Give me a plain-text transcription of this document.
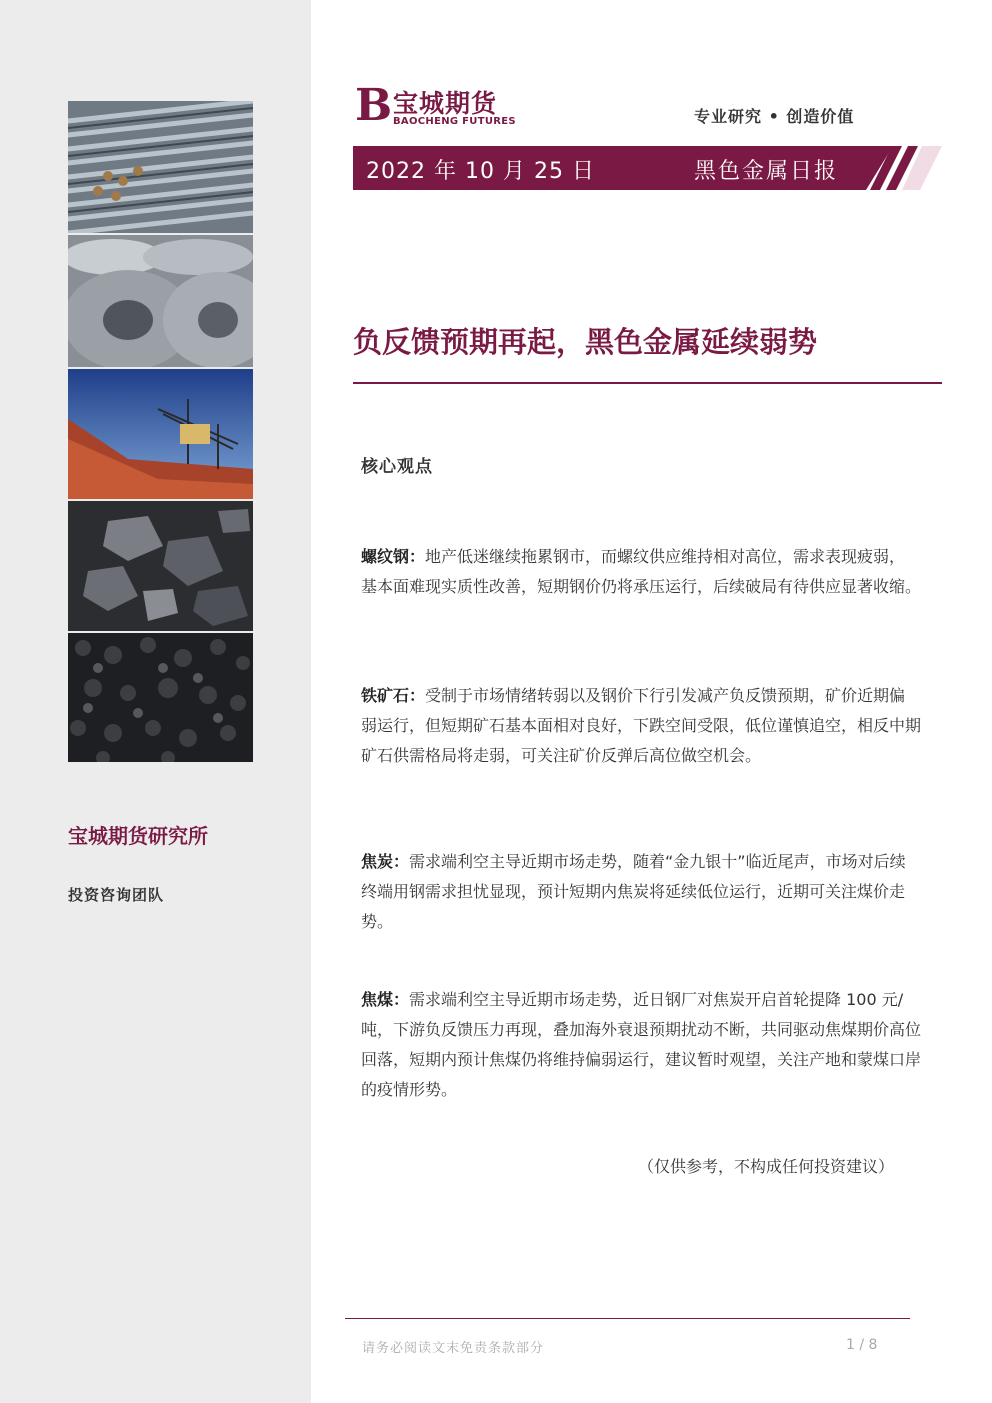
宝城期货研究所
投资咨询团队
B 宝城期货
BAOCHENG FUTURES	专业研究 • 创造价值
2022 年 10 月 25 日	黑色金属日报
负反馈预期再起，黑色金属延续弱势
核心观点
螺纹钢：地产低迷继续拖累钢市，而螺纹供应维持相对高位，需求表现疲弱，基本面难现实质性改善，短期钢价仍将承压运行，后续破局有待供应显著收缩。
铁矿石：受制于市场情绪转弱以及钢价下行引发减产负反馈预期，矿价近期偏弱运行，但短期矿石基本面相对良好，下跌空间受限，低位谨慎追空，相反中期矿石供需格局将走弱，可关注矿价反弹后高位做空机会。
焦炭：需求端利空主导近期市场走势，随着“金九银十”临近尾声，市场对后续终端用钢需求担忧显现，预计短期内焦炭将延续低位运行，近期可关注煤价走势。
焦煤：需求端利空主导近期市场走势，近日钢厂对焦炭开启首轮提降 100 元/吨，下游负反馈压力再现，叠加海外衰退预期扰动不断，共同驱动焦煤期价高位回落，短期内预计焦煤仍将维持偏弱运行，建议暂时观望，关注产地和蒙煤口岸的疫情形势。
（仅供参考，不构成任何投资建议）
请务必阅读文末免责条款部分	1 / 8
